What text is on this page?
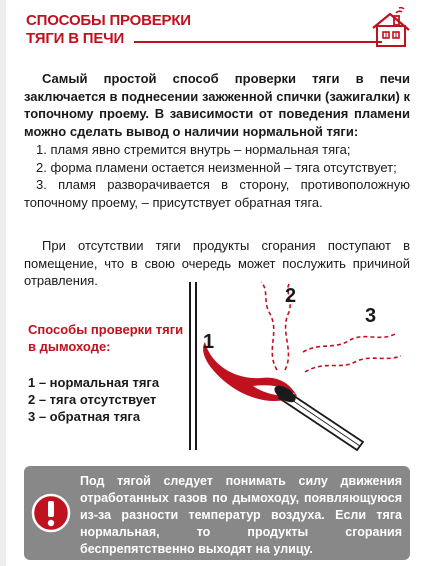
СПОСОБЫ ПРОВЕРКИ
ТЯГИ В ПЕЧИ

Самый простой способ проверки тяги в печи заключается в поднесении зажженной спички (зажигалки) к топочному проему. В зависимости от поведения пламени можно сделать вывод о наличии нормальной тяги:

1. пламя явно стремится внутрь – нормальная тяга;
2. форма пламени остается неизменной – тяга отсутствует;
3. пламя разворачивается в сторону, противоположную топочному проему, – присутствует обратная тяга.

При отсутствии тяги продукты сгорания поступают в помещение, что в свою очередь может послужить причиной отравления.

Способы проверки тяги в дымоходе:

1 – нормальная тяга
2 – тяга отсутствует
3 – обратная тяга
1
2
3

Под тягой следует понимать силу движения отработанных газов по дымоходу, появляющуюся из-за разности температур воздуха. Если тяга нормальная, то продукты сгорания беспрепятственно выходят на улицу.
